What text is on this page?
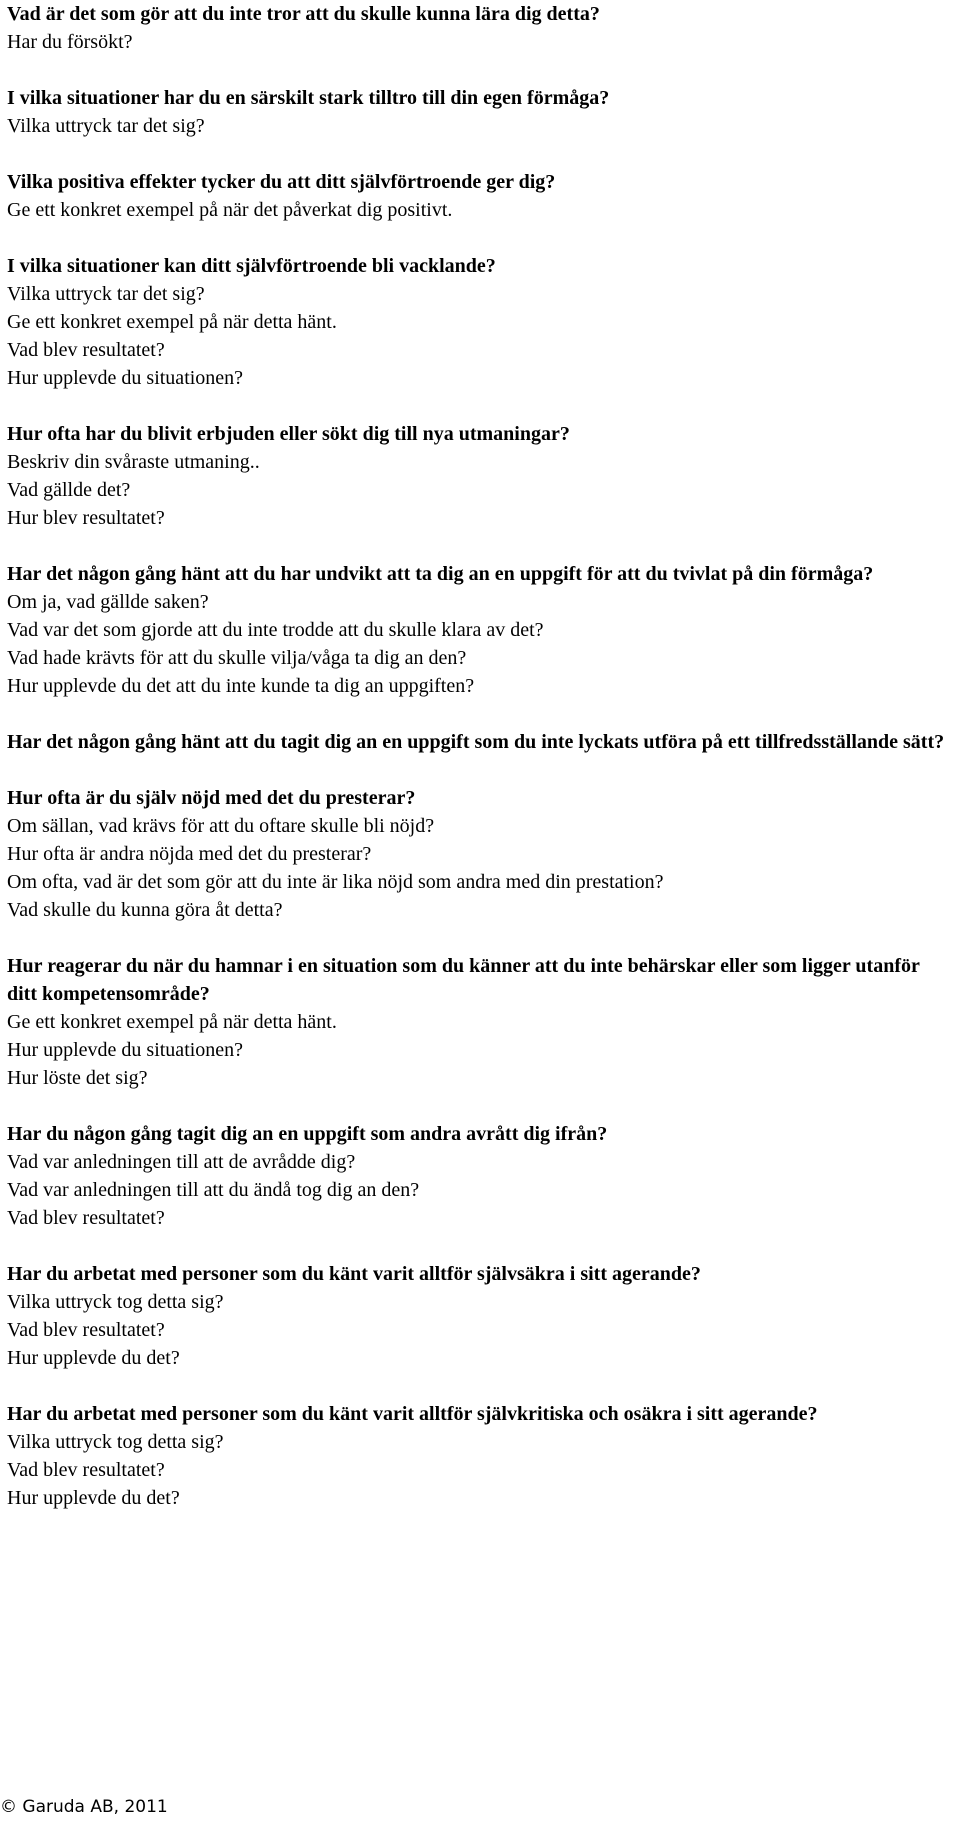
Vad är det som gör att du inte tror att du skulle kunna lära dig detta?

Har du försökt?

I vilka situationer har du en särskilt stark tilltro till din egen förmåga?

Vilka uttryck tar det sig?

Vilka positiva effekter tycker du att ditt självförtroende ger dig?

Ge ett konkret exempel på när det påverkat dig positivt.

I vilka situationer kan ditt självförtroende bli vacklande?

Vilka uttryck tar det sig?

Ge ett konkret exempel på när detta hänt.

Vad blev resultatet?

Hur upplevde du situationen?

Hur ofta har du blivit erbjuden eller sökt dig till nya utmaningar?

Beskriv din svåraste utmaning..

Vad gällde det?

Hur blev resultatet?

Har det någon gång hänt att du har undvikt att ta dig an en uppgift för att du tvivlat på din förmåga?

Om ja, vad gällde saken?

Vad var det som gjorde att du inte trodde att du skulle klara av det?

Vad hade krävts för att du skulle vilja/våga ta dig an den?

Hur upplevde du det att du inte kunde ta dig an uppgiften?

Har det någon gång hänt att du tagit dig an en uppgift som du inte lyckats utföra på ett tillfredsställande sätt?

Hur ofta är du själv nöjd med det du presterar?

Om sällan, vad krävs för att du oftare skulle bli nöjd?

Hur ofta är andra nöjda med det du presterar?

Om ofta, vad är det som gör att du inte är lika nöjd som andra med din prestation?

Vad skulle du kunna göra åt detta?

Hur reagerar du när du hamnar i en situation som du känner att du inte behärskar eller som ligger utanför ditt kompetensområde?

Ge ett konkret exempel på när detta hänt.

Hur upplevde du situationen?

Hur löste det sig?

Har du någon gång tagit dig an en uppgift som andra avrått dig ifrån?

Vad var anledningen till att de avrådde dig?

Vad var anledningen till att du ändå tog dig an den?

Vad blev resultatet?

Har du arbetat med personer som du känt varit alltför självsäkra i sitt agerande?

Vilka uttryck tog detta sig?

Vad blev resultatet?

Hur upplevde du det?

Har du arbetat med personer som du känt varit alltför självkritiska och osäkra i sitt agerande?

Vilka uttryck tog detta sig?

Vad blev resultatet?

Hur upplevde du det?

© Garuda AB, 2011
